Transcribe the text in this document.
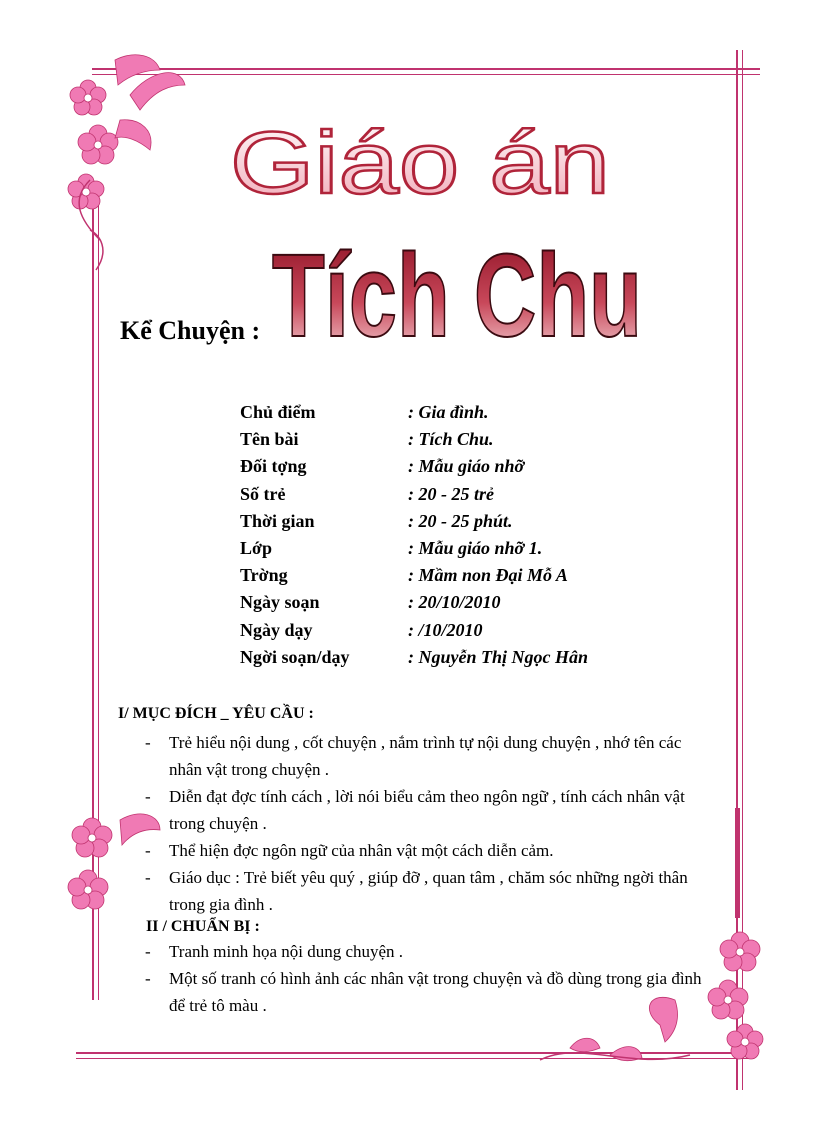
Giáo án
Tích Chu
Kể Chuyện :
Chủ điểm	: Gia đình.
Tên bài	: Tích Chu.
Đối tợng	: Mẫu giáo nhỡ
Số trẻ	: 20 - 25 trẻ
Thời gian	: 20 - 25 phút.
Lớp	: Mẫu giáo nhỡ 1.
Trờng	: Mầm non Đại Mỗ A
Ngày soạn	: 20/10/2010
Ngày dạy	: /10/2010
Ngời soạn/dạy	: Nguyễn Thị Ngọc Hân
I/ MỤC ĐÍCH _ YÊU CẦU :
-	Trẻ hiểu nội dung , cốt chuyện , nắm trình tự nội dung chuyện , nhớ tên các nhân vật trong chuyện .
-	Diễn đạt đợc tính cách , lời nói biểu cảm theo ngôn ngữ , tính cách nhân vật trong chuyện .
-	Thể hiện đợc ngôn ngữ của nhân vật một cách diễn cảm.
-	Giáo dục : Trẻ biết yêu quý , giúp đỡ , quan tâm , chăm sóc những ngời thân trong gia đình .
II / CHUẨN BỊ :
-	Tranh minh họa nội dung chuyện .
-	Một số tranh có hình ảnh các nhân vật trong chuyện và đồ dùng trong gia đình để trẻ tô màu .
